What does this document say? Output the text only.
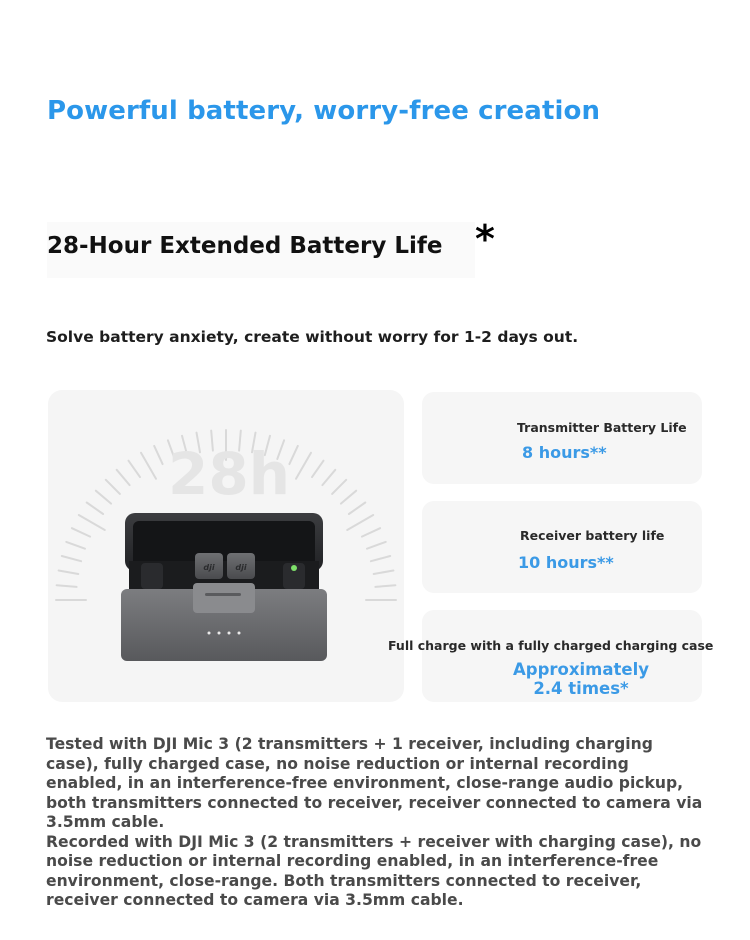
Powerful battery, worry-free creation
28-Hour Extended Battery Life *
Solve battery anxiety, create without worry for 1-2 days out.
28h
dji	dji
Transmitter Battery Life
8 hours**
Receiver battery life
10 hours**
Full charge with a fully charged charging case
Approximately
2.4 times*

Tested with DJI Mic 3 (2 transmitters + 1 receiver, including charging case), fully charged case, no noise reduction or internal recording enabled, in an interference-free environment, close-range audio pickup, both transmitters connected to receiver, receiver connected to camera via 3.5mm cable.

Recorded with DJI Mic 3 (2 transmitters + receiver with charging case), no noise reduction or internal recording enabled, in an interference-free environment, close-range. Both transmitters connected to receiver, receiver connected to camera via 3.5mm cable.
